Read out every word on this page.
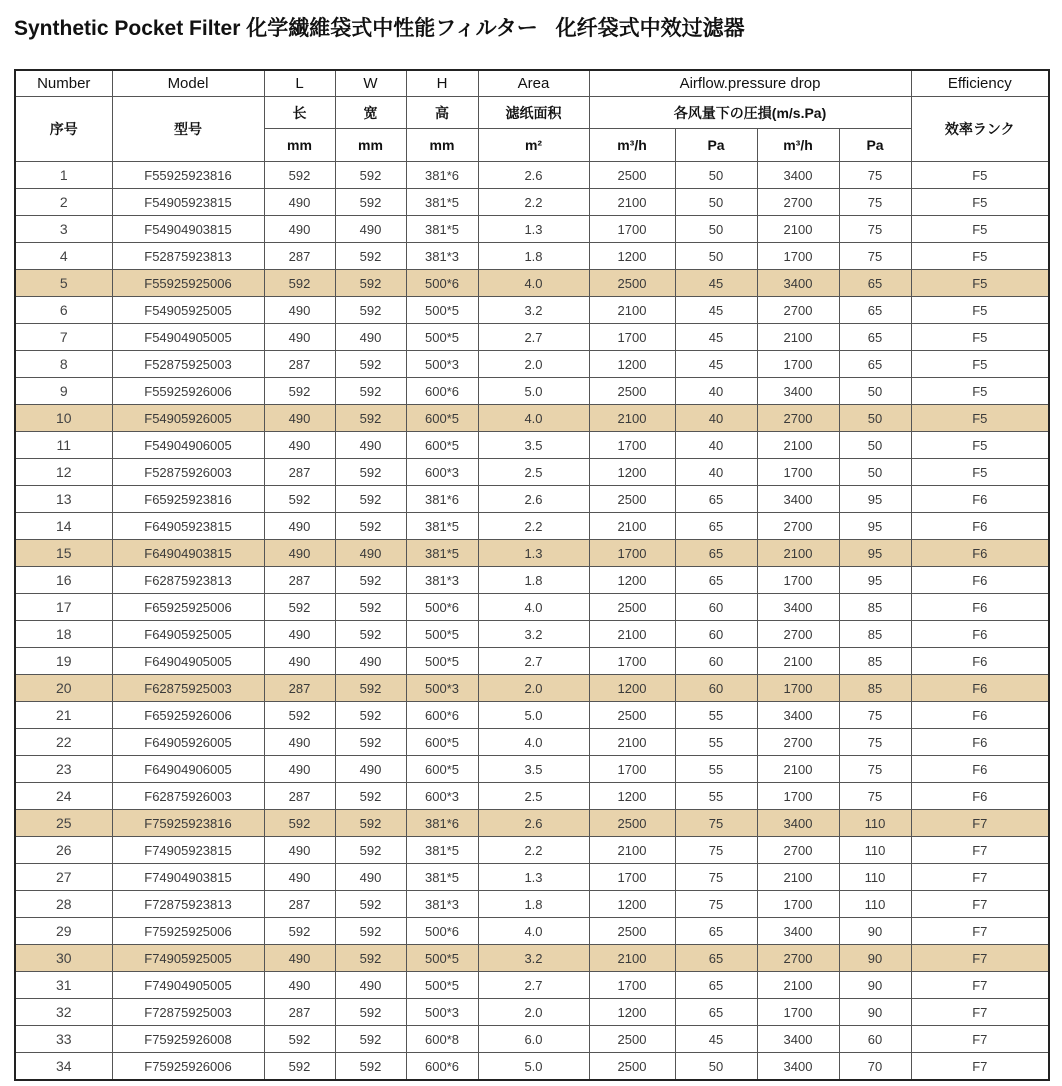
Synthetic Pocket Filter 化学繊維袋式中性能フィルター 化纤袋式中效过滤器
Number	Model	L	W	H	Area	Airflow.pressure drop				Efficiency
序号	型号	长	宽	高	滤纸面积	各风量下の圧損(m/s.Pa)				效率ランク
		mm	mm	mm	m²	m³/h	Pa	m³/h	Pa	
1	F55925923816	592	592	381*6	2.6	2500	50	3400	75	F5
2	F54905923815	490	592	381*5	2.2	2100	50	2700	75	F5
3	F54904903815	490	490	381*5	1.3	1700	50	2100	75	F5
4	F52875923813	287	592	381*3	1.8	1200	50	1700	75	F5
5	F55925925006	592	592	500*6	4.0	2500	45	3400	65	F5
6	F54905925005	490	592	500*5	3.2	2100	45	2700	65	F5
7	F54904905005	490	490	500*5	2.7	1700	45	2100	65	F5
8	F52875925003	287	592	500*3	2.0	1200	45	1700	65	F5
9	F55925926006	592	592	600*6	5.0	2500	40	3400	50	F5
10	F54905926005	490	592	600*5	4.0	2100	40	2700	50	F5
11	F54904906005	490	490	600*5	3.5	1700	40	2100	50	F5
12	F52875926003	287	592	600*3	2.5	1200	40	1700	50	F5
13	F65925923816	592	592	381*6	2.6	2500	65	3400	95	F6
14	F64905923815	490	592	381*5	2.2	2100	65	2700	95	F6
15	F64904903815	490	490	381*5	1.3	1700	65	2100	95	F6
16	F62875923813	287	592	381*3	1.8	1200	65	1700	95	F6
17	F65925925006	592	592	500*6	4.0	2500	60	3400	85	F6
18	F64905925005	490	592	500*5	3.2	2100	60	2700	85	F6
19	F64904905005	490	490	500*5	2.7	1700	60	2100	85	F6
20	F62875925003	287	592	500*3	2.0	1200	60	1700	85	F6
21	F65925926006	592	592	600*6	5.0	2500	55	3400	75	F6
22	F64905926005	490	592	600*5	4.0	2100	55	2700	75	F6
23	F64904906005	490	490	600*5	3.5	1700	55	2100	75	F6
24	F62875926003	287	592	600*3	2.5	1200	55	1700	75	F6
25	F75925923816	592	592	381*6	2.6	2500	75	3400	110	F7
26	F74905923815	490	592	381*5	2.2	2100	75	2700	110	F7
27	F74904903815	490	490	381*5	1.3	1700	75	2100	110	F7
28	F72875923813	287	592	381*3	1.8	1200	75	1700	110	F7
29	F75925925006	592	592	500*6	4.0	2500	65	3400	90	F7
30	F74905925005	490	592	500*5	3.2	2100	65	2700	90	F7
31	F74904905005	490	490	500*5	2.7	1700	65	2100	90	F7
32	F72875925003	287	592	500*3	2.0	1200	65	1700	90	F7
33	F75925926008	592	592	600*8	6.0	2500	45	3400	60	F7
34	F75925926006	592	592	600*6	5.0	2500	50	3400	70	F7
